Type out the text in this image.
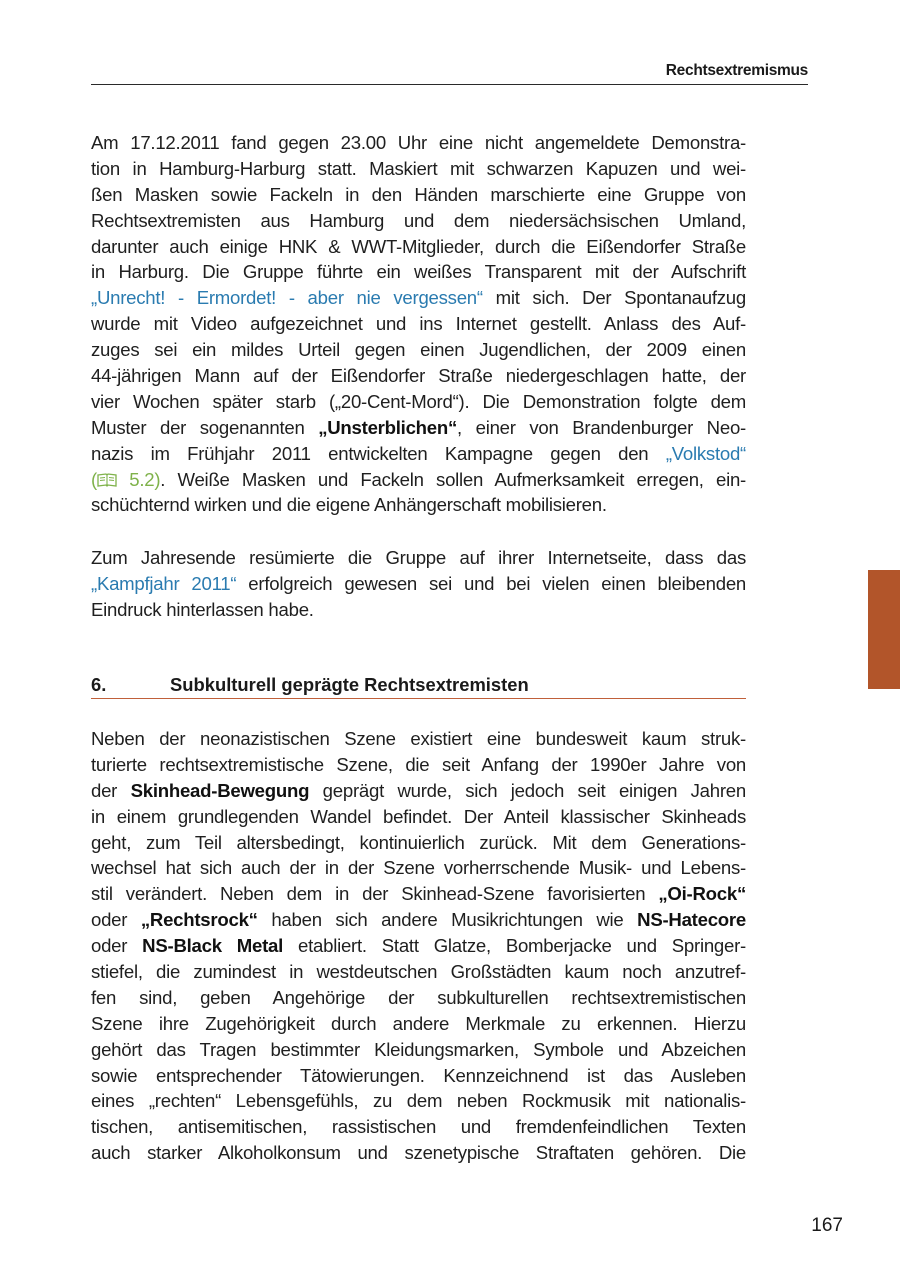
Rechtsextremismus
Am 17.12.2011 fand gegen 23.00 Uhr eine nicht angemeldete Demonstra-
tion in Hamburg-Harburg statt. Maskiert mit schwarzen Kapuzen und wei-
ßen Masken sowie Fackeln in den Händen marschierte eine Gruppe von
Rechtsextremisten aus Hamburg und dem niedersächsischen Umland,
darunter auch einige HNK & WWT-Mitglieder, durch die Eißendorfer Straße
in Harburg. Die Gruppe führte ein weißes Transparent mit der Aufschrift
„Unrecht! - Ermordet! - aber nie vergessen“ mit sich. Der Spontanaufzug
wurde mit Video aufgezeichnet und ins Internet gestellt. Anlass des Auf-
zuges sei ein mildes Urteil gegen einen Jugendlichen, der 2009 einen
44-jährigen Mann auf der Eißendorfer Straße niedergeschlagen hatte, der
vier Wochen später starb („20-Cent-Mord“). Die Demonstration folgte dem
Muster der sogenannten „Unsterblichen“, einer von Brandenburger Neo-
nazis im Frühjahr 2011 entwickelten Kampagne gegen den „Volkstod“
( 5.2). Weiße Masken und Fackeln sollen Aufmerksamkeit erregen, ein-
schüchternd wirken und die eigene Anhängerschaft mobilisieren.
Zum Jahresende resümierte die Gruppe auf ihrer Internetseite, dass das
„Kampfjahr 2011“ erfolgreich gewesen sei und bei vielen einen bleibenden
Eindruck hinterlassen habe.
6.	Subkulturell geprägte Rechtsextremisten
Neben der neonazistischen Szene existiert eine bundesweit kaum struk-
turierte rechtsextremistische Szene, die seit Anfang der 1990er Jahre von
der Skinhead-Bewegung geprägt wurde, sich jedoch seit einigen Jahren
in einem grundlegenden Wandel befindet. Der Anteil klassischer Skinheads
geht, zum Teil altersbedingt, kontinuierlich zurück. Mit dem Generations-
wechsel hat sich auch der in der Szene vorherrschende Musik- und Lebens-
stil verändert. Neben dem in der Skinhead-Szene favorisierten „Oi-Rock“
oder „Rechtsrock“ haben sich andere Musikrichtungen wie NS-Hatecore
oder NS-Black Metal etabliert. Statt Glatze, Bomberjacke und Springer-
stiefel, die zumindest in westdeutschen Großstädten kaum noch anzutref-
fen sind, geben Angehörige der subkulturellen rechtsextremistischen
Szene ihre Zugehörigkeit durch andere Merkmale zu erkennen. Hierzu
gehört das Tragen bestimmter Kleidungsmarken, Symbole und Abzeichen
sowie entsprechender Tätowierungen. Kennzeichnend ist das Ausleben
eines „rechten“ Lebensgefühls, zu dem neben Rockmusik mit nationalis-
tischen, antisemitischen, rassistischen und fremdenfeindlichen Texten
auch starker Alkoholkonsum und szenetypische Straftaten gehören. Die
167
